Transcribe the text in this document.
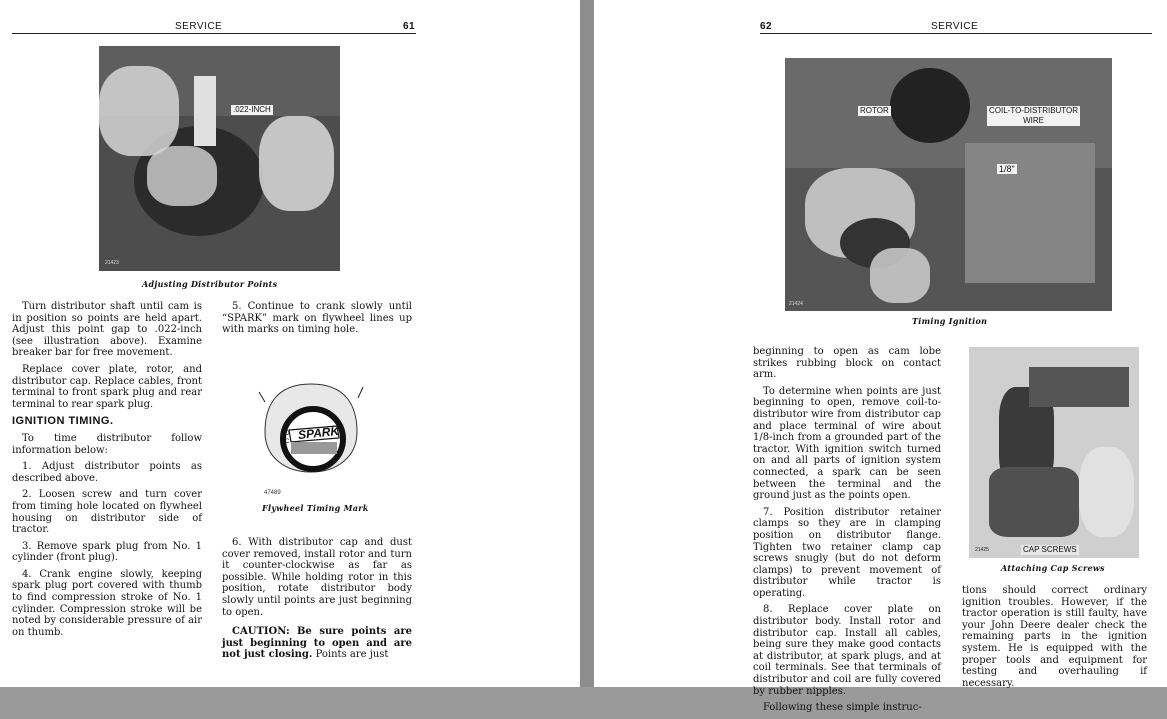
SERVICE	61
.022-INCH
21423
Adjusting Distributor Points

Turn distributor shaft until cam is in position so points are held apart. Adjust this point gap to .022-inch (see illustration above). Examine breaker bar for free movement.

Replace cover plate, rotor, and distributor cap. Replace cables, front terminal to front spark plug and rear terminal to rear spark plug.

IGNITION TIMING.

To time distributor follow information below:

1. Adjust distributor points as described above.

2. Loosen screw and turn cover from timing hole located on flywheel housing on distributor side of tractor.

3. Remove spark plug from No. 1 cylinder (front plug).

4. Crank engine slowly, keeping spark plug port covered with thumb to find compression stroke of No. 1 cylinder. Compression stroke will be noted by considerable pressure of air on thumb.

5. Continue to crank slowly until “SPARK” mark on flywheel lines up with marks on timing hole.

SPARK
D C
47489
Flywheel Timing Mark

6. With distributor cap and dust cover removed, install rotor and turn it counter-clockwise as far as possible. While holding rotor in this position, rotate distributor body slowly until points are just beginning to open.

CAUTION: Be sure points are just beginning to open and are not just closing. Points are just

62	SERVICE
ROTOR	COIL-TO-DISTRIBUTOR
WIRE
1/8"
21424
Timing Ignition

beginning to open as cam lobe strikes rubbing block on contact arm.

To determine when points are just beginning to open, remove coil-to-distributor wire from distributor cap and place terminal of wire about 1/8-inch from a grounded part of the tractor. With ignition switch turned on and all parts of ignition system connected, a spark can be seen between the terminal and the ground just as the points open.

7. Position distributor retainer clamps so they are in clamping position on distributor flange. Tighten two retainer clamp cap screws snugly (but do not deform clamps) to prevent movement of distributor while tractor is operating.

8. Replace cover plate on distributor body. Install rotor and distributor cap. Install all cables, being sure they make good contacts at distributor, at spark plugs, and at coil terminals. See that terminals of distributor and coil are fully covered by rubber nipples.

Following these simple instruc-

CAP SCREWS
21425
Attaching Cap Screws

tions should correct ordinary ignition troubles. However, if the tractor operation is still faulty, have your John Deere dealer check the remaining parts in the ignition system. He is equipped with the proper tools and equipment for testing and overhauling if necessary.
